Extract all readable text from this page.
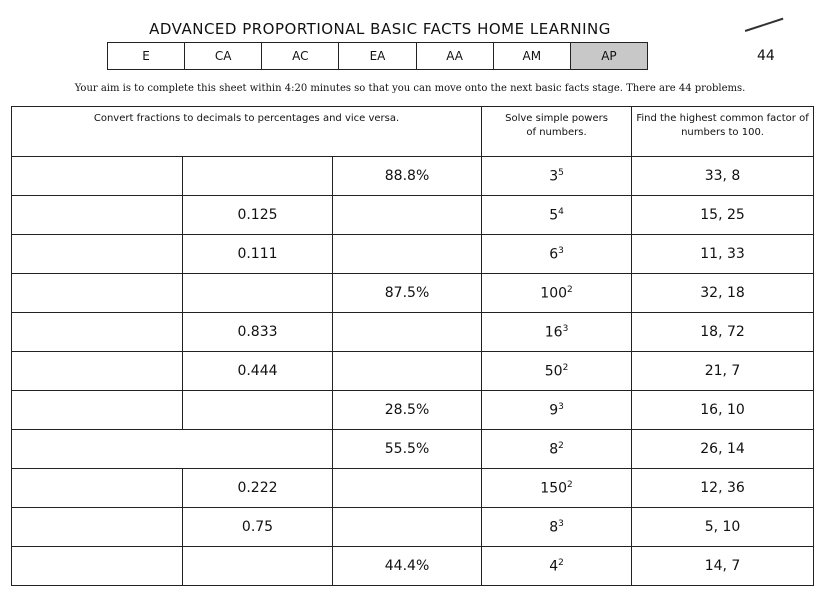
ADVANCED PROPORTIONAL BASIC FACTS HOME LEARNING
E	CA	AC	EA	AA	AM	AP	44
Your aim is to complete this sheet within 4:20 minutes so that you can move onto the next basic facts stage. There are 44 problems.
Convert fractions to decimals to percentages and vice versa.			Solve simple powers of numbers.	Find the highest common factor of numbers to 100.
		88.8%	$3^5$	33, 8
	0.125		$5^4$	15, 25
	0.111		$6^3$	11, 33
		87.5%	$100^2$	32, 18
	0.833		$16^3$	18, 72
	0.444		$50^2$	21, 7
		28.5%	$9^3$	16, 10
		55.5%	$8^2$	26, 14
	0.222		$150^2$	12, 36
	0.75		$8^3$	5, 10
		44.4%	$4^2$	14, 7
